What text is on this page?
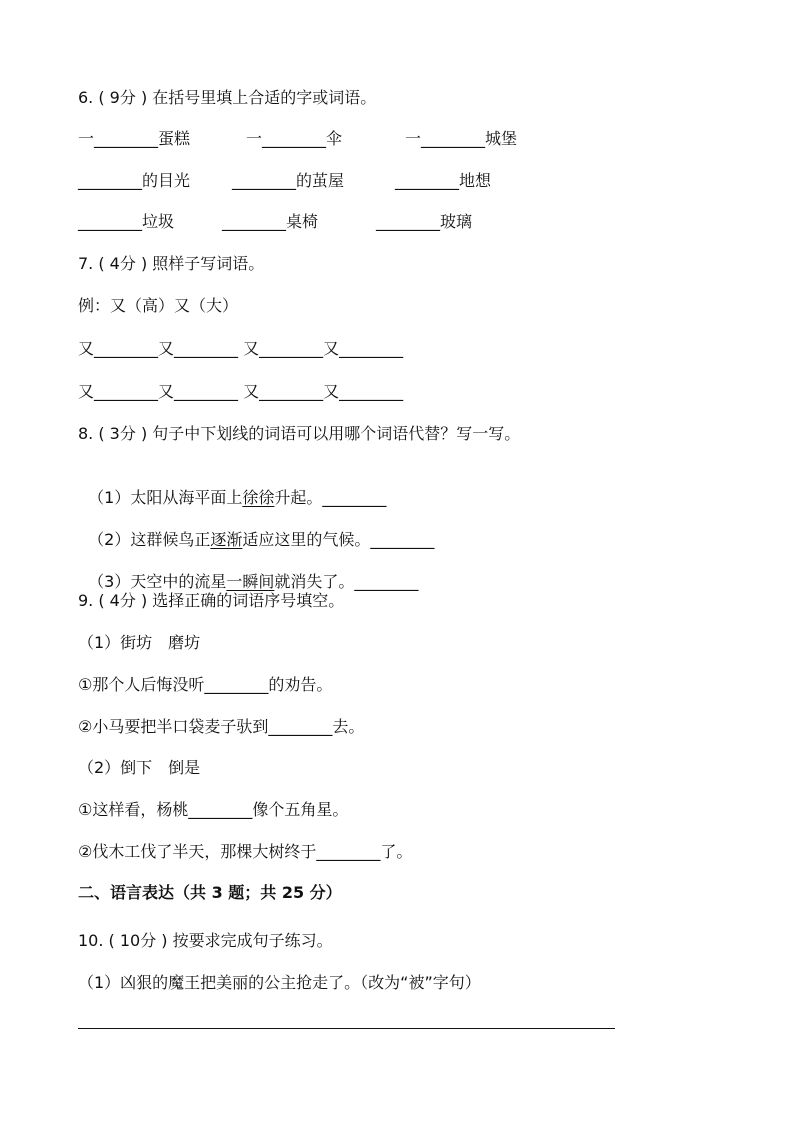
6. ( 9分 ) 在括号里填上合适的字或词语。
一________蛋糕	一________伞	一________城堡
________的目光	________的茧屋	________地想
________垃圾	________桌椅	________玻璃
7. ( 4分 ) 照样子写词语。
例：又（高）又（大）
又________又________ 又________又________
又________又________ 又________又________
8. ( 3分 ) 句子中下划线的词语可以用哪个词语代替？写一写。

（1）太阳从海平面上徐徐升起。________

（2）这群候鸟正逐渐适应这里的气候。________

（3）天空中的流星一瞬间就消失了。________

9. ( 4分 ) 选择正确的词语序号填空。
（1）街坊　磨坊
①那个人后悔没听________的劝告。
②小马要把半口袋麦子驮到________去。
（2）倒下　倒是
①这样看，杨桃________像个五角星。
②伐木工伐了半天，那棵大树终于________了。
二、语言表达（共 3 题；共 25 分）
10. ( 10分 ) 按要求完成句子练习。
（1）凶狠的魔王把美丽的公主抢走了。（改为“被”字句）
